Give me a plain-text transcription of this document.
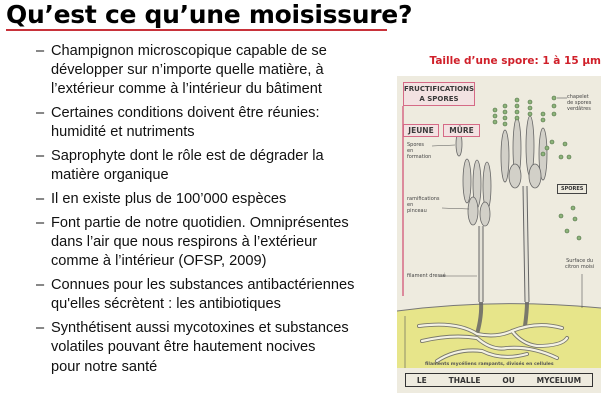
Qu’est ce qu’une moisissure?
– Champignon microscopique capable de se
développer sur n’importe quelle matière, à
l’extérieur comme à l’intérieur du bâtiment
– Certaines conditions doivent être réunies:
humidité et nutriments
– Saprophyte dont le rôle est de dégrader la
matière organique
– Il en existe plus de 100’000 espèces
– Font partie de notre quotidien. Omniprésentes
dans l’air que nous respirons à l’extérieur
comme à l’intérieur (OFSP, 2009)
– Connues pour les substances antibactériennes
qu'elles sécrètent : les antibiotiques
– Synthétisent aussi mycotoxines et substances
volatiles pouvant être hautement nocives
pour notre santé
Taille d’une spore: 1 à 15 µm
FRUCTIFICATIONS
A SPORES
JEUNE	MÛRE
chapelet
de spores
verdâtres
Spores
en
formation
ramifications
en
pinceau
filament dressé
Surface du
citron moisi
SPORES
filaments mycéliens rampants, divisés en cellules
LE	THALLE	OU	MYCELIUM
